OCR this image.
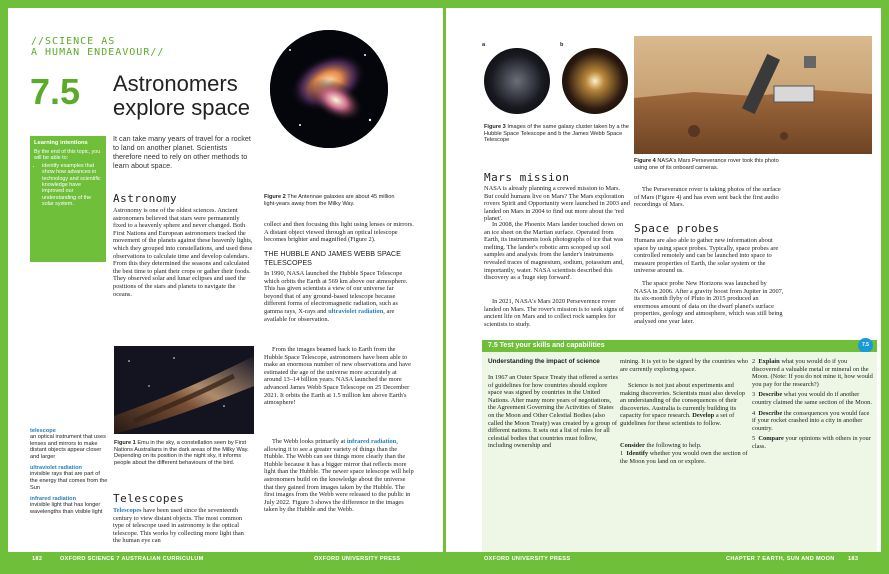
//SCIENCE AS
A HUMAN ENDEAVOUR//
7.5 Astronomers
explore space
Learning intentions
By the end of this topic, you will be able to:
• identify examples that show how advances in technology and scientific knowledge have improved our understanding of the solar system.
It can take many years of travel for a rocket to land on another planet. Scientists therefore need to rely on other methods to learn about space.
Figure 2 The Antennae galaxies are about 45 million light-years away from the Milky Way.
Astronomy

Astronomy is one of the oldest sciences. Ancient astronomers believed that stars were permanently fixed to a heavenly sphere and never changed. Both First Nations and European astronomers tracked the movement of the planets against these heavenly lights, which they grouped into constellations, and used these observations to calculate time and develop calendars. From this they determined the seasons and calculated the best time to plant their crops or gather their foods. They observed solar and lunar eclipses and used the positions of the stars and planets to navigate the oceans.

telescope
an optical instrument that uses lenses and mirrors to make distant objects appear closer and larger
ultraviolet radiation
invisible rays that are part of the energy that comes from the Sun
infrared radiation
invisible light that has longer wavelengths than visible light
Figure 1 Emu in the sky, a constellation seen by First Nations Australians in the dark areas of the Milky Way. Depending on its position in the night sky, it informs people about the different behaviours of the bird.
Telescopes

Telescopes have been used since the seventeenth century to view distant objects. The most common type of telescope used in astronomy is the optical telescope. This works by collecting more light than the human eye can

collect and then focusing this light using lenses or mirrors. A distant object viewed through an optical telescope becomes brighter and magnified (Figure 2).

THE HUBBLE AND JAMES WEBB SPACE TELESCOPES

In 1990, NASA launched the Hubble Space Telescope which orbits the Earth at 569 km above our atmosphere. This has given scientists a view of our universe far beyond that of any ground-based telescope because different forms of electromagnetic radiation, such as gamma rays, X-rays and ultraviolet radiation, are available for observation.

From the images beamed back to Earth from the Hubble Space Telescope, astronomers have been able to make an enormous number of new observations and have estimated the age of the universe more accurately at around 13–14 billion years. NASA launched the more advanced James Webb Space Telescope on 25 December 2021. It orbits the Earth at 1.5 million km above Earth's atmosphere!

The Webb looks primarily at infrared radiation, allowing it to see a greater variety of things than the Hubble. The Webb can see things more clearly than the Hubble because it has a bigger mirror that reflects more light than the Hubble. The newer space telescope will help astronomers build on the knowledge about the universe that they gained from images taken by the Hubble. The first images from the Webb were released to the public in July 2022. Figure 3 shows the difference in the images taken by the Hubble and the Webb.

182	OXFORD SCIENCE 7 AUSTRALIAN CURRICULUM	OXFORD UNIVERSITY PRESS
a	b
Figure 3 Images of the same galaxy cluster taken by a the Hubble Space Telescope and b the James Webb Space Telescope
Figure 4 NASA's Mars Perseverance rover took this photo using one of its onboard cameras.
Mars mission

NASA is already planning a crewed mission to Mars. But could humans live on Mars? The Mars exploration rovers Spirit and Opportunity were launched in 2003 and landed on Mars in 2004 to find out more about the 'red planet'.

In 2008, the Phoenix Mars lander touched down on an ice sheet on the Martian surface. Operated from Earth, its instruments took photographs of ice that was melting. The lander's robotic arm scooped up soil samples and analysis from the lander's instruments revealed traces of magnesium, sodium, potassium and, importantly, water. NASA scientists described this discovery as a 'huge step forward'.

In 2021, NASA's Mars 2020 Perseverence rover landed on Mars. The rover's mission is to seek signs of ancient life on Mars and to collect rock samples for scientists to study.

The Perseverance rover is taking photos of the surface of Mars (Figure 4) and has even sent back the first audio recordings of Mars.

Space probes

Humans are also able to gather new information about space by using space probes. Typically, space probes are controlled remotely and can be launched into space to measure properties of Earth, the solar system or the universe around us.

The space probe New Horizons was launched by NASA in 2006. After a gravity boost from Jupiter in 2007, its six-month flyby of Pluto in 2015 produced an enormous amount of data on the dwarf planet's surface properties, geology and atmosphere, which was still being analysed one year later.

7.5 Test your skills and capabilities	7.5
Understanding the impact of science

In 1967 an Outer Space Treaty that offered a series of guidelines for how countries should explore space was signed by countries in the United Nations. After many more years of negotiations, the Agreement Governing the Activities of States on the Moon and Other Celestial Bodies (also called the Moon Treaty) was created by a group of different nations. It sets out a list of rules for all celestial bodies that countries must follow, including ownership and

mining. It is yet to be signed by the countries who are currently exploring space.

Science is not just about experiments and making discoveries. Scientists must also develop an understanding of the consequences of their discoveries. Australia is currently building its capacity for space research. Develop a set of guidelines for these scientists to follow.

Consider the following to help.

1 Identify whether you would own the section of the Moon you land on or explore.

2 Explain what you would do if you discovered a valuable metal or mineral on the Moon. (Note: If you do not mine it, how would you pay for the research?)

3 Describe what you would do if another country claimed the same section of the Moon.

4 Describe the consequences you would face if your rocket crashed into a city in another country.

5 Compare your opinions with others in your class.

OXFORD UNIVERSITY PRESS	CHAPTER 7 EARTH, SUN AND MOON 183
